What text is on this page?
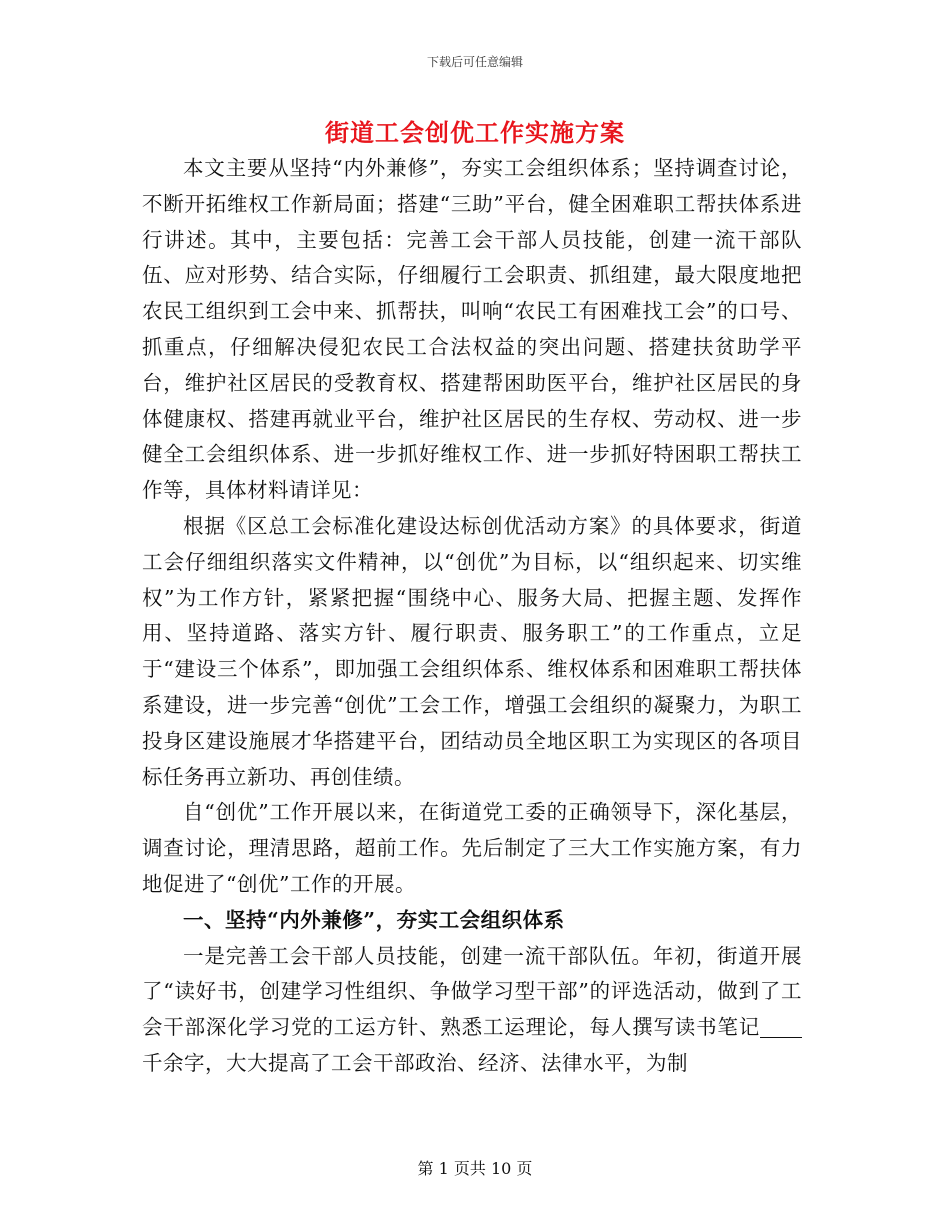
下载后可任意编辑
街道工会创优工作实施方案

本文主要从坚持“内外兼修”，夯实工会组织体系；坚持调查讨论，不断开拓维权工作新局面；搭建“三助”平台，健全困难职工帮扶体系进行讲述。其中，主要包括：完善工会干部人员技能，创建一流干部队伍、应对形势、结合实际，仔细履行工会职责、抓组建，最大限度地把农民工组织到工会中来、抓帮扶，叫响“农民工有困难找工会”的口号、抓重点，仔细解决侵犯农民工合法权益的突出问题、搭建扶贫助学平台，维护社区居民的受教育权、搭建帮困助医平台，维护社区居民的身体健康权、搭建再就业平台，维护社区居民的生存权、劳动权、进一步健全工会组织体系、进一步抓好维权工作、进一步抓好特困职工帮扶工作等，具体材料请详见：

根据《区总工会标准化建设达标创优活动方案》的具体要求，街道工会仔细组织落实文件精神，以“创优”为目标，以“组织起来、切实维权”为工作方针，紧紧把握“围绕中心、服务大局、把握主题、发挥作用、坚持道路、落实方针、履行职责、服务职工”的工作重点，立足于“建设三个体系”，即加强工会组织体系、维权体系和困难职工帮扶体系建设，进一步完善“创优”工会工作，增强工会组织的凝聚力，为职工投身区建设施展才华搭建平台，团结动员全地区职工为实现区的各项目标任务再立新功、再创佳绩。

自“创优”工作开展以来，在街道党工委的正确领导下，深化基层，调查讨论，理清思路，超前工作。先后制定了三大工作实施方案，有力地促进了“创优”工作的开展。

一、坚持“内外兼修”，夯实工会组织体系

一是完善工会干部人员技能，创建一流干部队伍。年初，街道开展了“读好书，创建学习性组织、争做学习型干部”的评选活动，做到了工会干部深化学习党的工运方针、熟悉工运理论，每人撰写读书笔记千余字，大大提高了工会干部政治、经济、法律水平，为制

第 1 页共 10 页
